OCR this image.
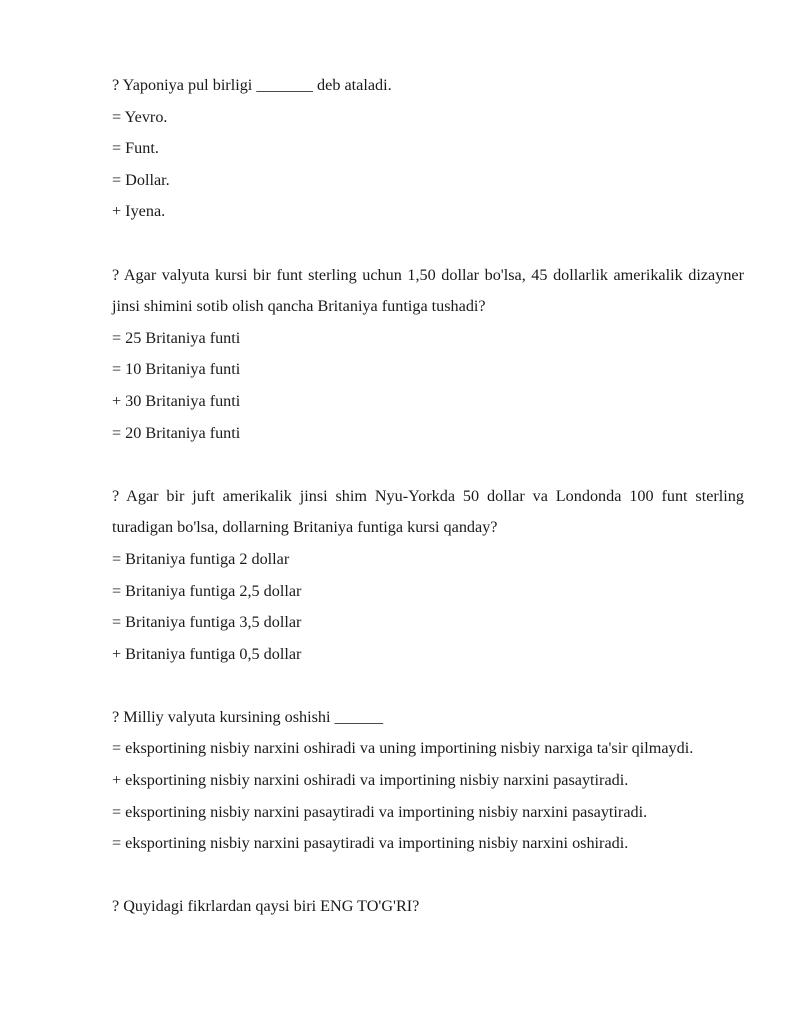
? Yaponiya pul birligi _______ deb ataladi.

= Yevro.

= Funt.

= Dollar.

+ Iyena.

? Agar valyuta kursi bir funt sterling uchun 1,50 dollar bo'lsa, 45 dollarlik amerikalik dizayner jinsi shimini sotib olish qancha Britaniya funtiga tushadi?

= 25 Britaniya funti

= 10 Britaniya funti

+ 30 Britaniya funti

= 20 Britaniya funti

? Agar bir juft amerikalik jinsi shim Nyu-Yorkda 50 dollar va Londonda 100 funt sterling turadigan bo'lsa, dollarning Britaniya funtiga kursi qanday?

= Britaniya funtiga 2 dollar

= Britaniya funtiga 2,5 dollar

= Britaniya funtiga 3,5 dollar

+ Britaniya funtiga 0,5 dollar

? Milliy valyuta kursining oshishi ______

= eksportining nisbiy narxini oshiradi va uning importining nisbiy narxiga ta'sir qilmaydi.

+ eksportining nisbiy narxini oshiradi va importining nisbiy narxini pasaytiradi.

= eksportining nisbiy narxini pasaytiradi va importining nisbiy narxini pasaytiradi.

= eksportining nisbiy narxini pasaytiradi va importining nisbiy narxini oshiradi.

? Quyidagi fikrlardan qaysi biri ENG TO'G'RI?
